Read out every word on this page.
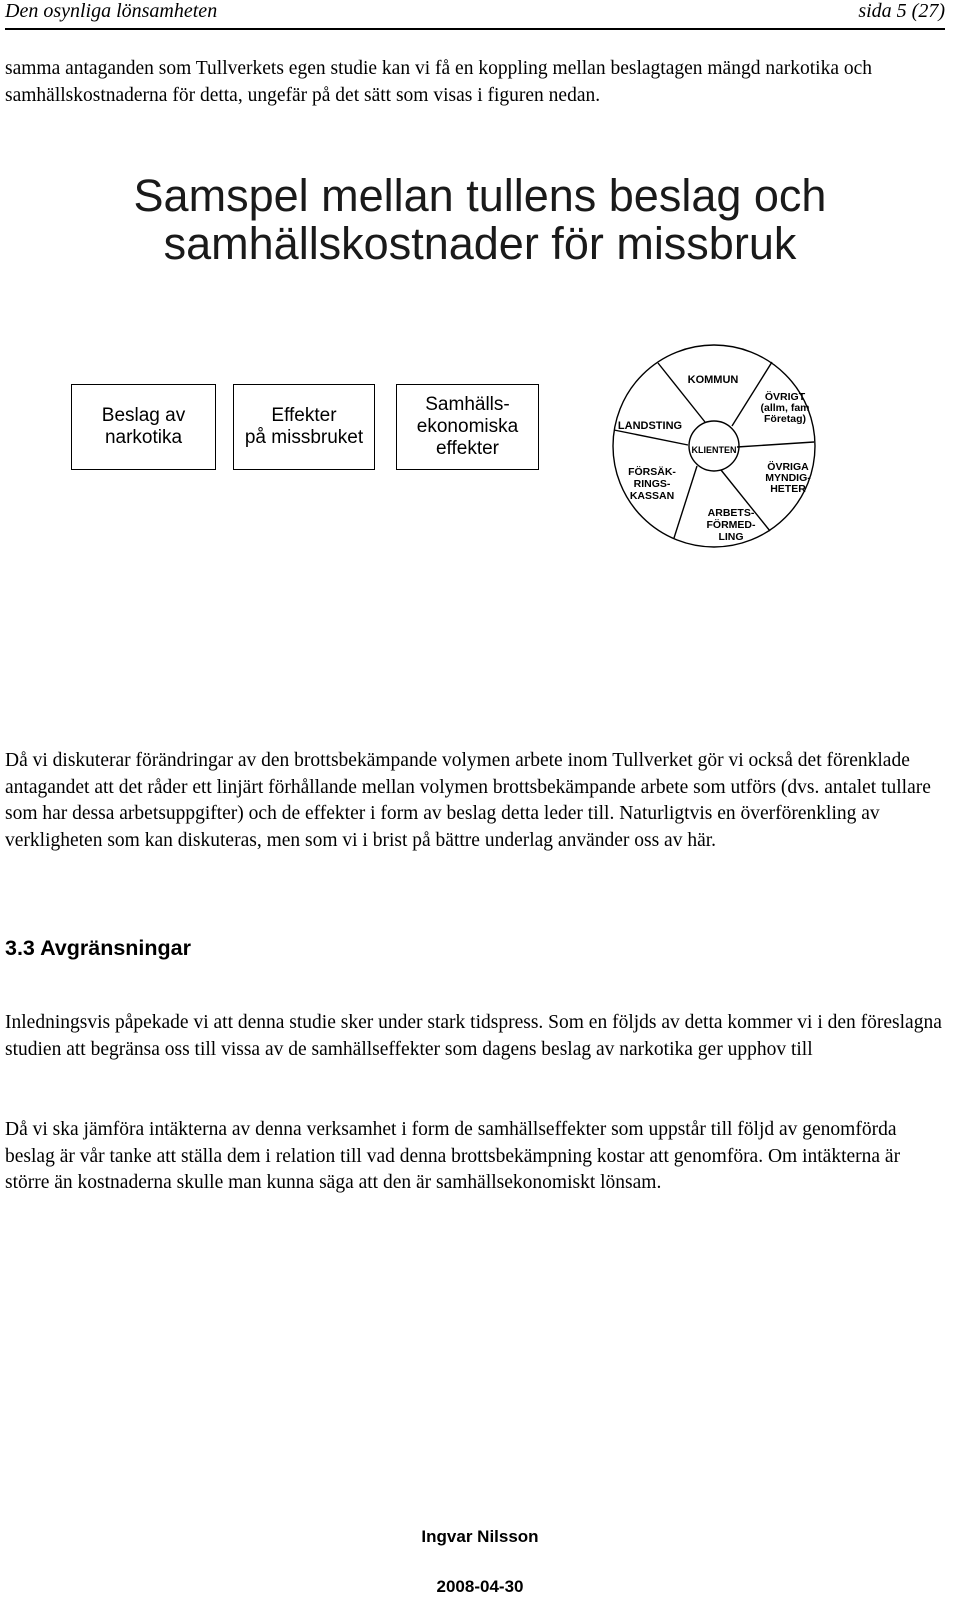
Den osynliga lönsamheten	sida 5 (27)

samma antaganden som Tullverkets egen studie kan vi få en koppling mellan beslagtagen mängd narkotika och samhällskostnaderna för detta, ungefär på det sätt som visas i figuren nedan.

Samspel mellan tullens beslag och
samhällskostnader för missbruk
Beslag av
narkotika
Effekter
på missbruket
Samhälls-
ekonomiska
effekter
KOMMUN
ÖVRIGT
(allm, fam
Företag)
LANDSTING
KLIENTEN
ÖVRIGA
MYNDIG-
HETER
FÖRSÄK-
RINGS-
KASSAN
ARBETS-
FÖRMED-
LING

Då vi diskuterar förändringar av den brottsbekämpande volymen arbete inom Tullverket gör vi också det förenklade antagandet att det råder ett linjärt förhållande mellan volymen brottsbekämpande arbete som utförs (dvs. antalet tullare som har dessa arbetsuppgifter) och de effekter i form av beslag detta leder till. Naturligtvis en överförenkling av verkligheten som kan diskuteras, men som vi i brist på bättre underlag använder oss av här.

3.3 Avgränsningar

Inledningsvis påpekade vi att denna studie sker under stark tidspress. Som en följds av detta kommer vi i den föreslagna studien att begränsa oss till vissa av de samhällseffekter som dagens beslag av narkotika ger upphov till

Då vi ska jämföra intäkterna av denna verksamhet i form de samhällseffekter som uppstår till följd av genomförda beslag är vår tanke att ställa dem i relation till vad denna brottsbekämpning kostar att genomföra. Om intäkterna är större än kostnaderna skulle man kunna säga att den är samhällsekonomiskt lönsam.

Ingvar Nilsson
2008-04-30
